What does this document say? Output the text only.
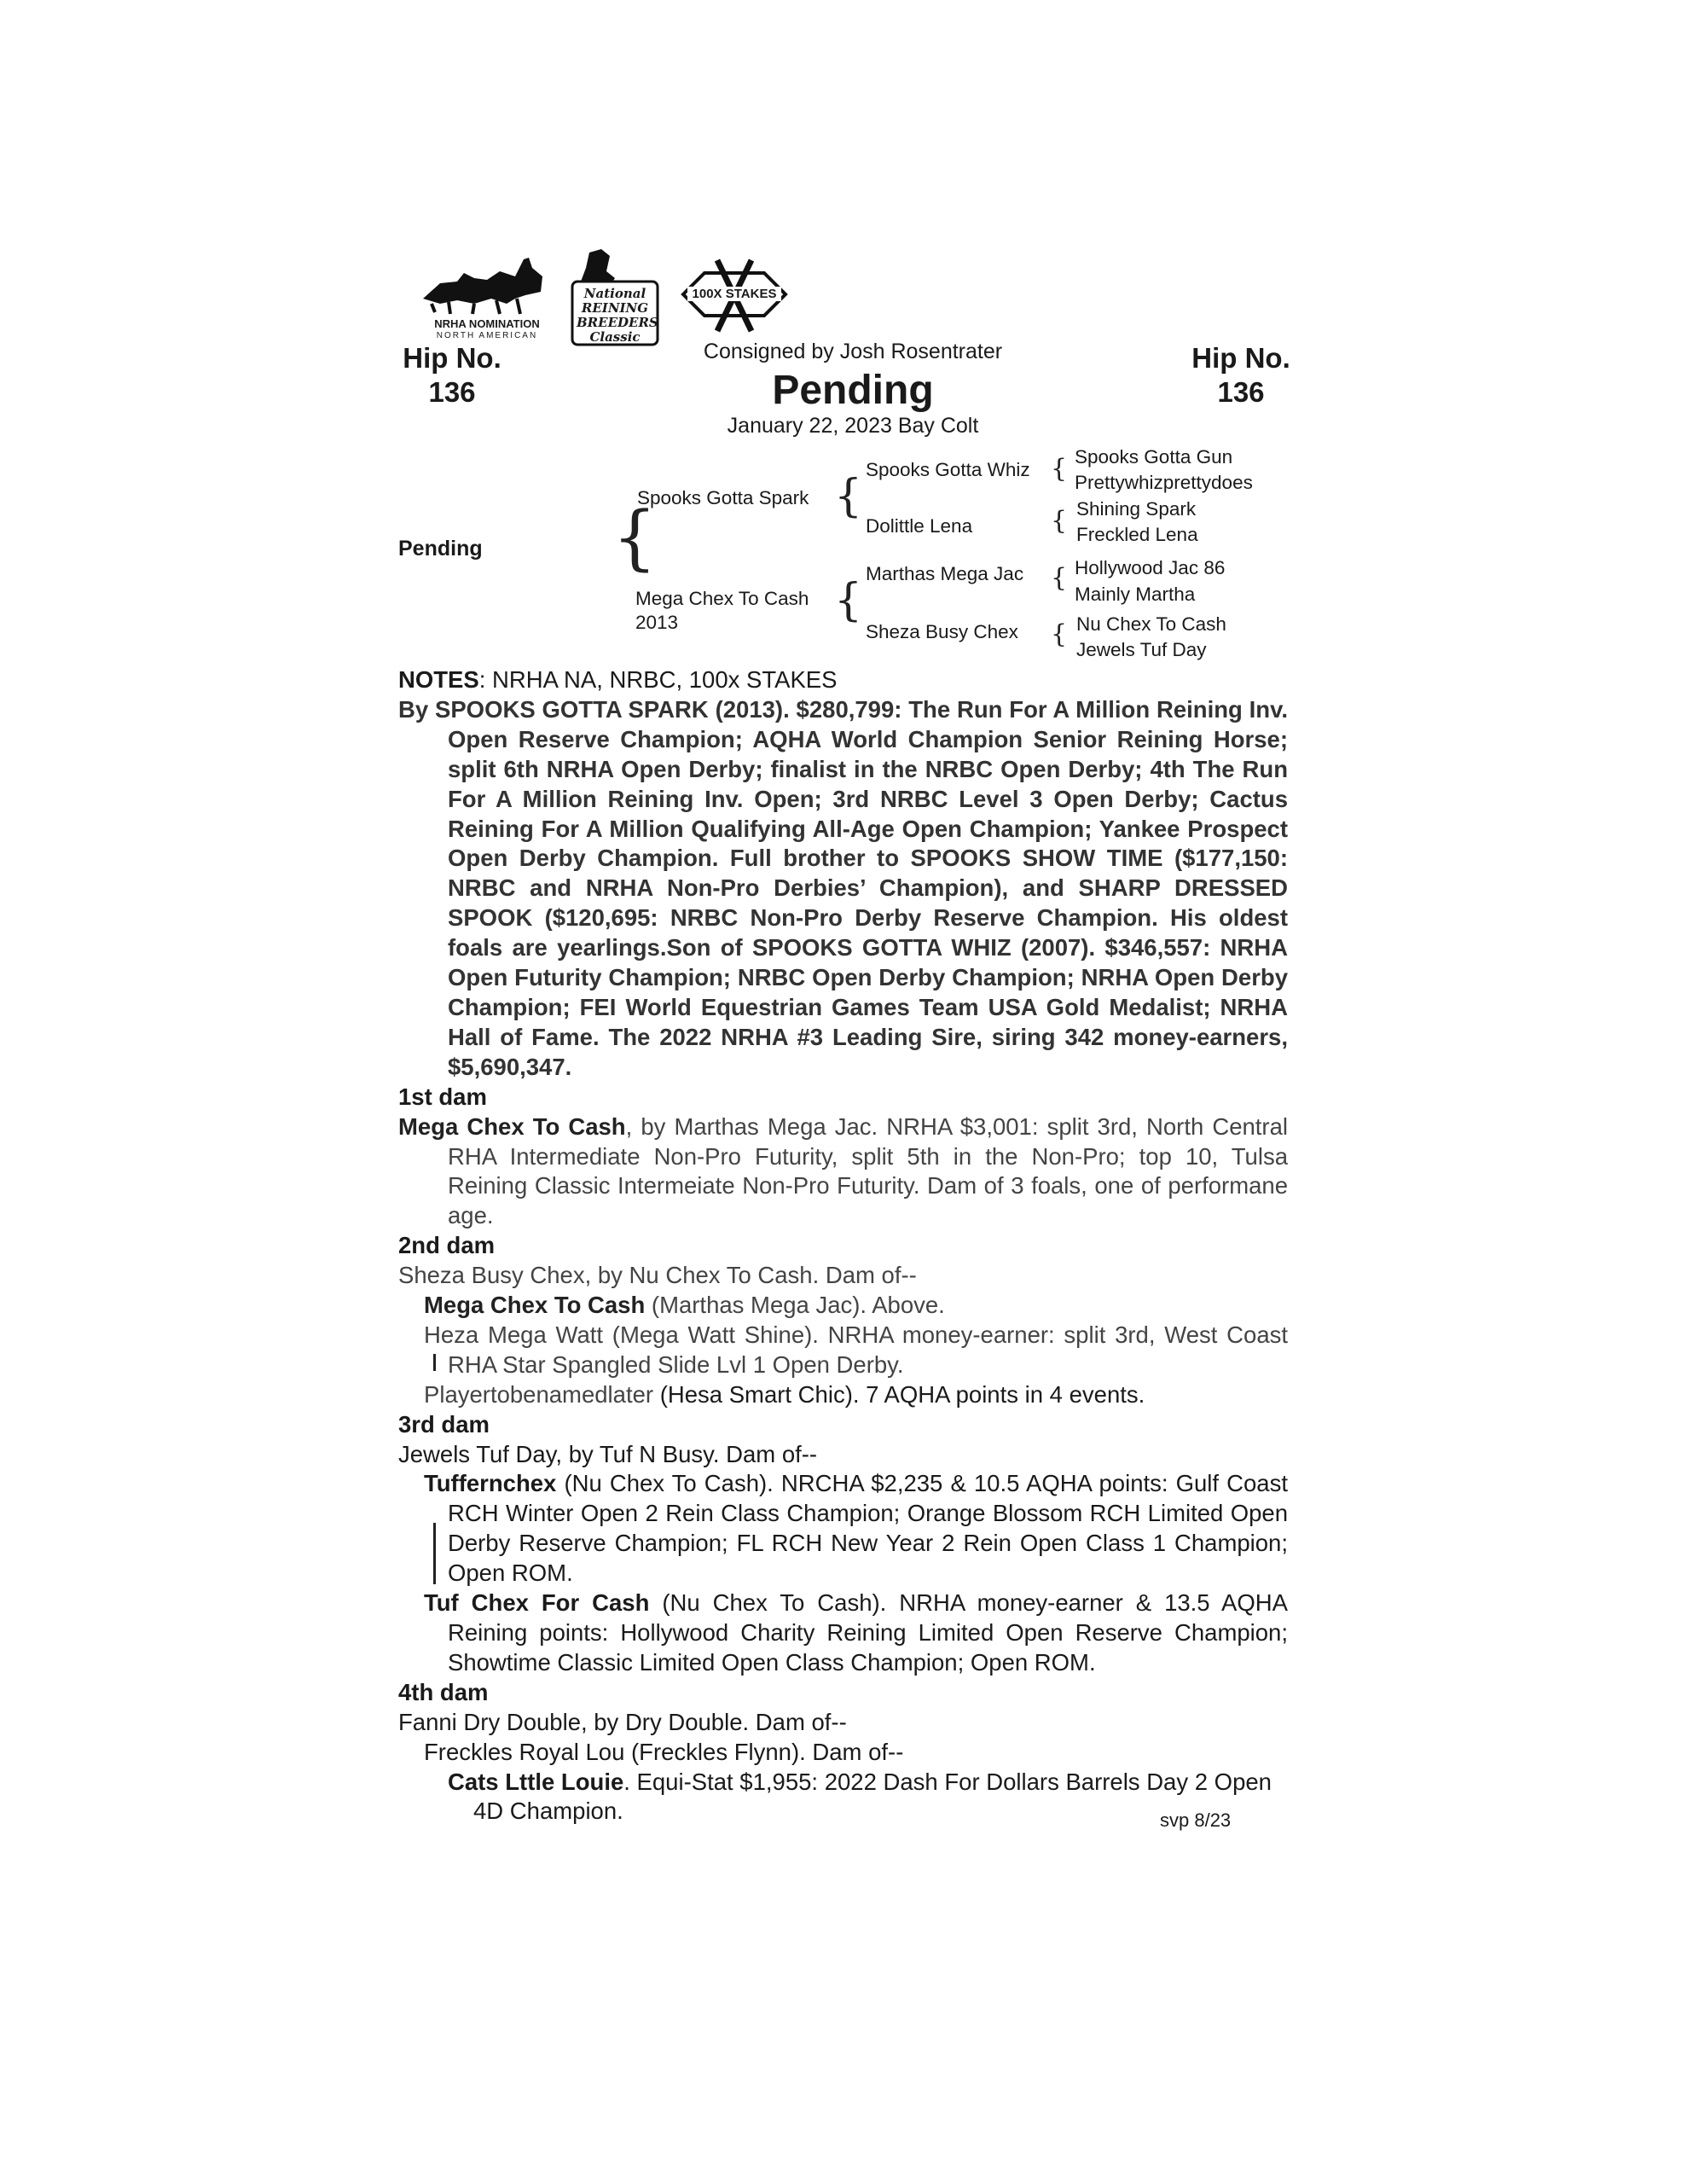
NRHA NOMINATION
NORTH AMERICAN
National REINING BREEDERS Classic
100X STAKES
Hip No.
136
Hip No.
136
Consigned by Josh Rosentrater
Pending
January 22, 2023 Bay Colt
Pending {
Spooks Gotta Spark
Mega Chex To Cash
2013
{
{
Spooks Gotta Whiz
Dolittle Lena
Marthas Mega Jac
Sheza Busy Chex
{
{
{
{
Spooks Gotta Gun
Prettywhizprettydoes
Shining Spark
Freckled Lena
Hollywood Jac 86
Mainly Martha
Nu Chex To Cash
Jewels Tuf Day

NOTES: NRHA NA, NRBC, 100x STAKES

By SPOOKS GOTTA SPARK (2013). $280,799: The Run For A Million Reining Inv. Open Reserve Champion; AQHA World Champion Senior Reining Horse; split 6th NRHA Open Derby; finalist in the NRBC Open Derby; 4th The Run For A Million Reining Inv. Open; 3rd NRBC Level 3 Open Derby; Cactus Reining For A Million Qualifying All-Age Open Champion; Yankee Prospect Open Derby Champion. Full brother to SPOOKS SHOW TIME ($177,150: NRBC and NRHA Non-Pro Derbies’ Champion), and SHARP DRESSED SPOOK ($120,695: NRBC Non-Pro Derby Reserve Champion. His oldest foals are yearlings.Son of SPOOKS GOTTA WHIZ (2007). $346,557: NRHA Open Futurity Champion; NRBC Open Derby Champion; NRHA Open Derby Champion; FEI World Equestrian Games Team USA Gold Medalist; NRHA Hall of Fame. The 2022 NRHA #3 Leading Sire, siring 342 money-earners, $5,690,347.

1st dam

Mega Chex To Cash, by Marthas Mega Jac. NRHA $3,001: split 3rd, North Central RHA Intermediate Non-Pro Futurity, split 5th in the Non-Pro; top 10, Tulsa Reining Classic Intermeiate Non-Pro Futurity. Dam of 3 foals, one of performane age.

2nd dam

Sheza Busy Chex, by Nu Chex To Cash. Dam of--

Mega Chex To Cash (Marthas Mega Jac). Above.

Heza Mega Watt (Mega Watt Shine). NRHA money-earner: split 3rd, West Coast RHA Star Spangled Slide Lvl 1 Open Derby.

Playertobenamedlater (Hesa Smart Chic). 7 AQHA points in 4 events.

3rd dam

Jewels Tuf Day, by Tuf N Busy. Dam of--

Tuffernchex (Nu Chex To Cash). NRCHA $2,235 & 10.5 AQHA points: Gulf Coast RCH Winter Open 2 Rein Class Champion; Orange Blossom RCH Limited Open Derby Reserve Champion; FL RCH New Year 2 Rein Open Class 1 Champion; Open ROM.

Tuf Chex For Cash (Nu Chex To Cash). NRHA money-earner & 13.5 AQHA Reining points: Hollywood Charity Reining Limited Open Reserve Champion; Showtime Classic Limited Open Class Champion; Open ROM.

4th dam

Fanni Dry Double, by Dry Double. Dam of--

Freckles Royal Lou (Freckles Flynn). Dam of--

Cats Lttle Louie. Equi-Stat $1,955: 2022 Dash For Dollars Barrels Day 2 Open 4D Champion.	svp 8/23
